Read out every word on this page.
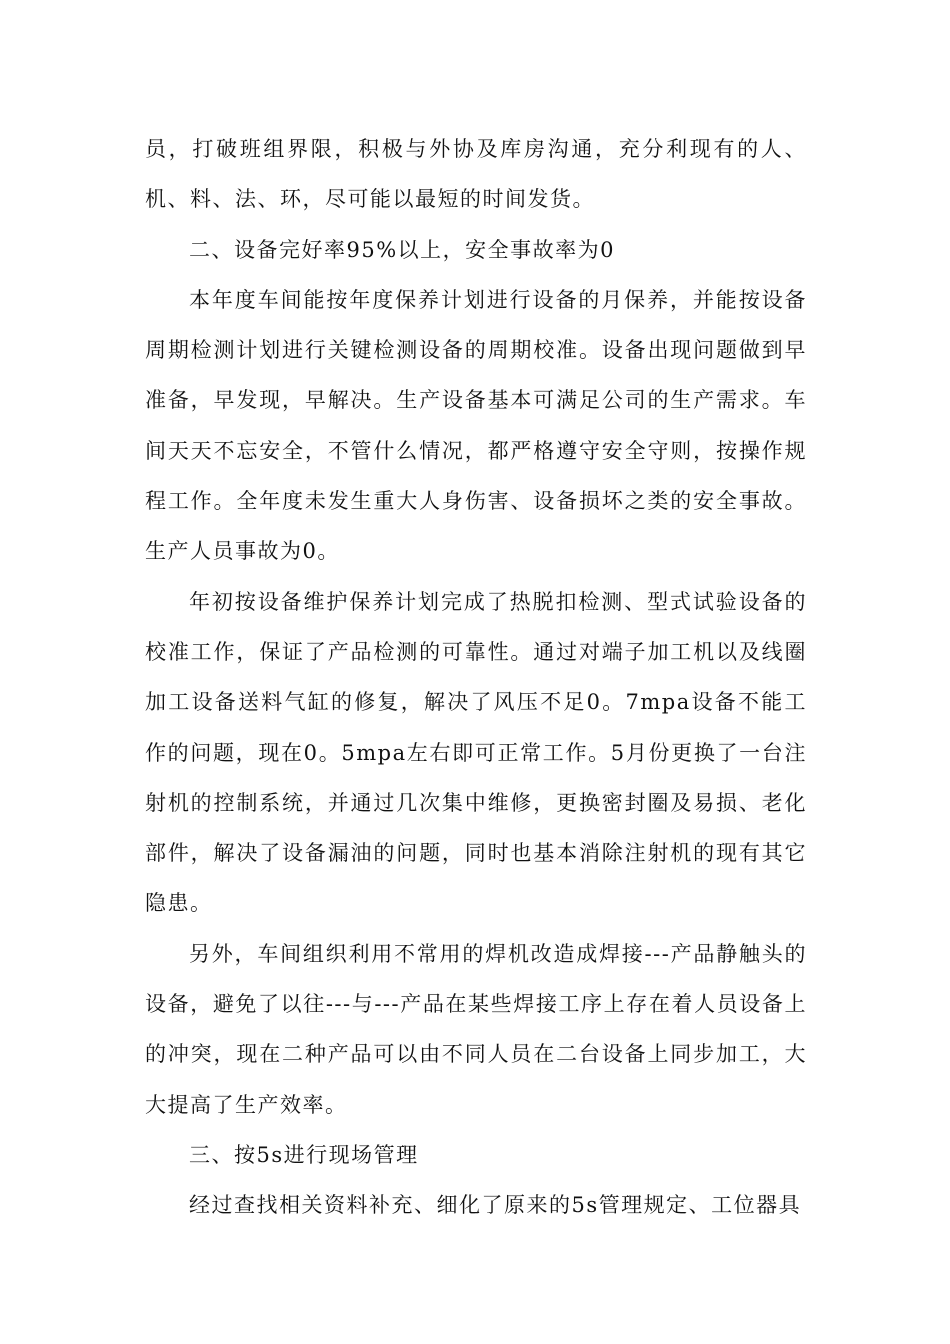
员，打破班组界限，积极与外协及库房沟通，充分利现有的人、机、料、法、环，尽可能以最短的时间发货。

二、设备完好率95%以上，安全事故率为0

本年度车间能按年度保养计划进行设备的月保养，并能按设备周期检测计划进行关键检测设备的周期校准。设备出现问题做到早准备，早发现，早解决。生产设备基本可满足公司的生产需求。车间天天不忘安全，不管什么情况，都严格遵守安全守则，按操作规程工作。全年度未发生重大人身伤害、设备损坏之类的安全事故。生产人员事故为0。

年初按设备维护保养计划完成了热脱扣检测、型式试验设备的校准工作，保证了产品检测的可靠性。通过对端子加工机以及线圈加工设备送料气缸的修复，解决了风压不足0。7mpa设备不能工作的问题，现在0。5mpa左右即可正常工作。5月份更换了一台注射机的控制系统，并通过几次集中维修，更换密封圈及易损、老化部件，解决了设备漏油的问题，同时也基本消除注射机的现有其它隐患。

另外，车间组织利用不常用的焊机改造成焊接---产品静触头的设备，避免了以往---与---产品在某些焊接工序上存在着人员设备上的冲突，现在二种产品可以由不同人员在二台设备上同步加工，大大提高了生产效率。

三、按5s进行现场管理

经过查找相关资料补充、细化了原来的5s管理规定、工位器具
